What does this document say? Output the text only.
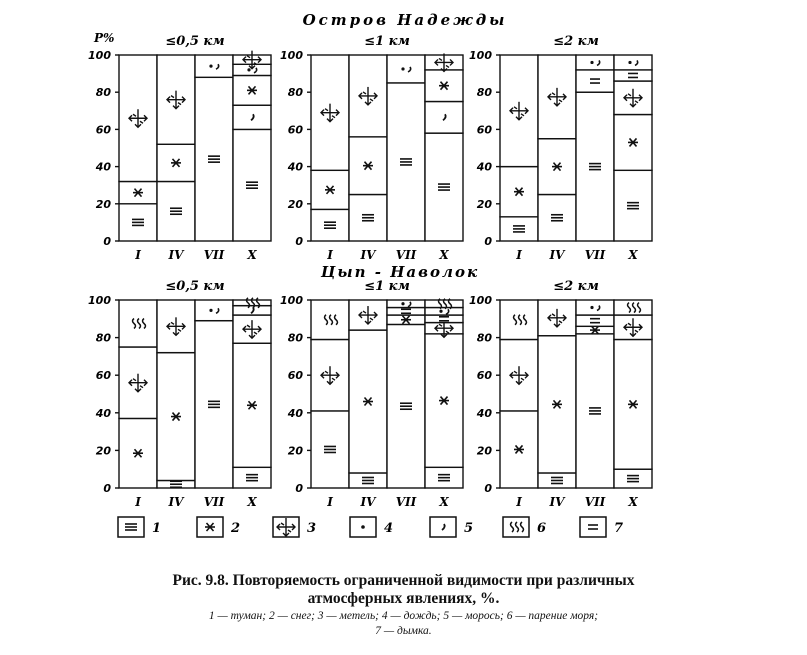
Остров Надежды
Цып - Наволок
P%	≤0,5 км
0
20
40
60
80
100
I IV VII X
≤1 км
0
20
40
60
80
100
I IV VII X
≤2 км
0
20
40
60
80
100
I IV VII X
≤0,5 км
0
20
40
60
80
100
I IV VII X
≤1 км
0
20
40
60
80
100
I IV VII X
≤2 км
0
20
40
60
80
100
I IV VII X
1	2	3	4	5	6	7
Рис. 9.8. Повторяемость ограниченной видимости при различных
атмосферных явлениях, %.
1 — туман; 2 — снег; 3 — метель; 4 — дождь; 5 — морось; 6 — парение моря;
7 — дымка.
